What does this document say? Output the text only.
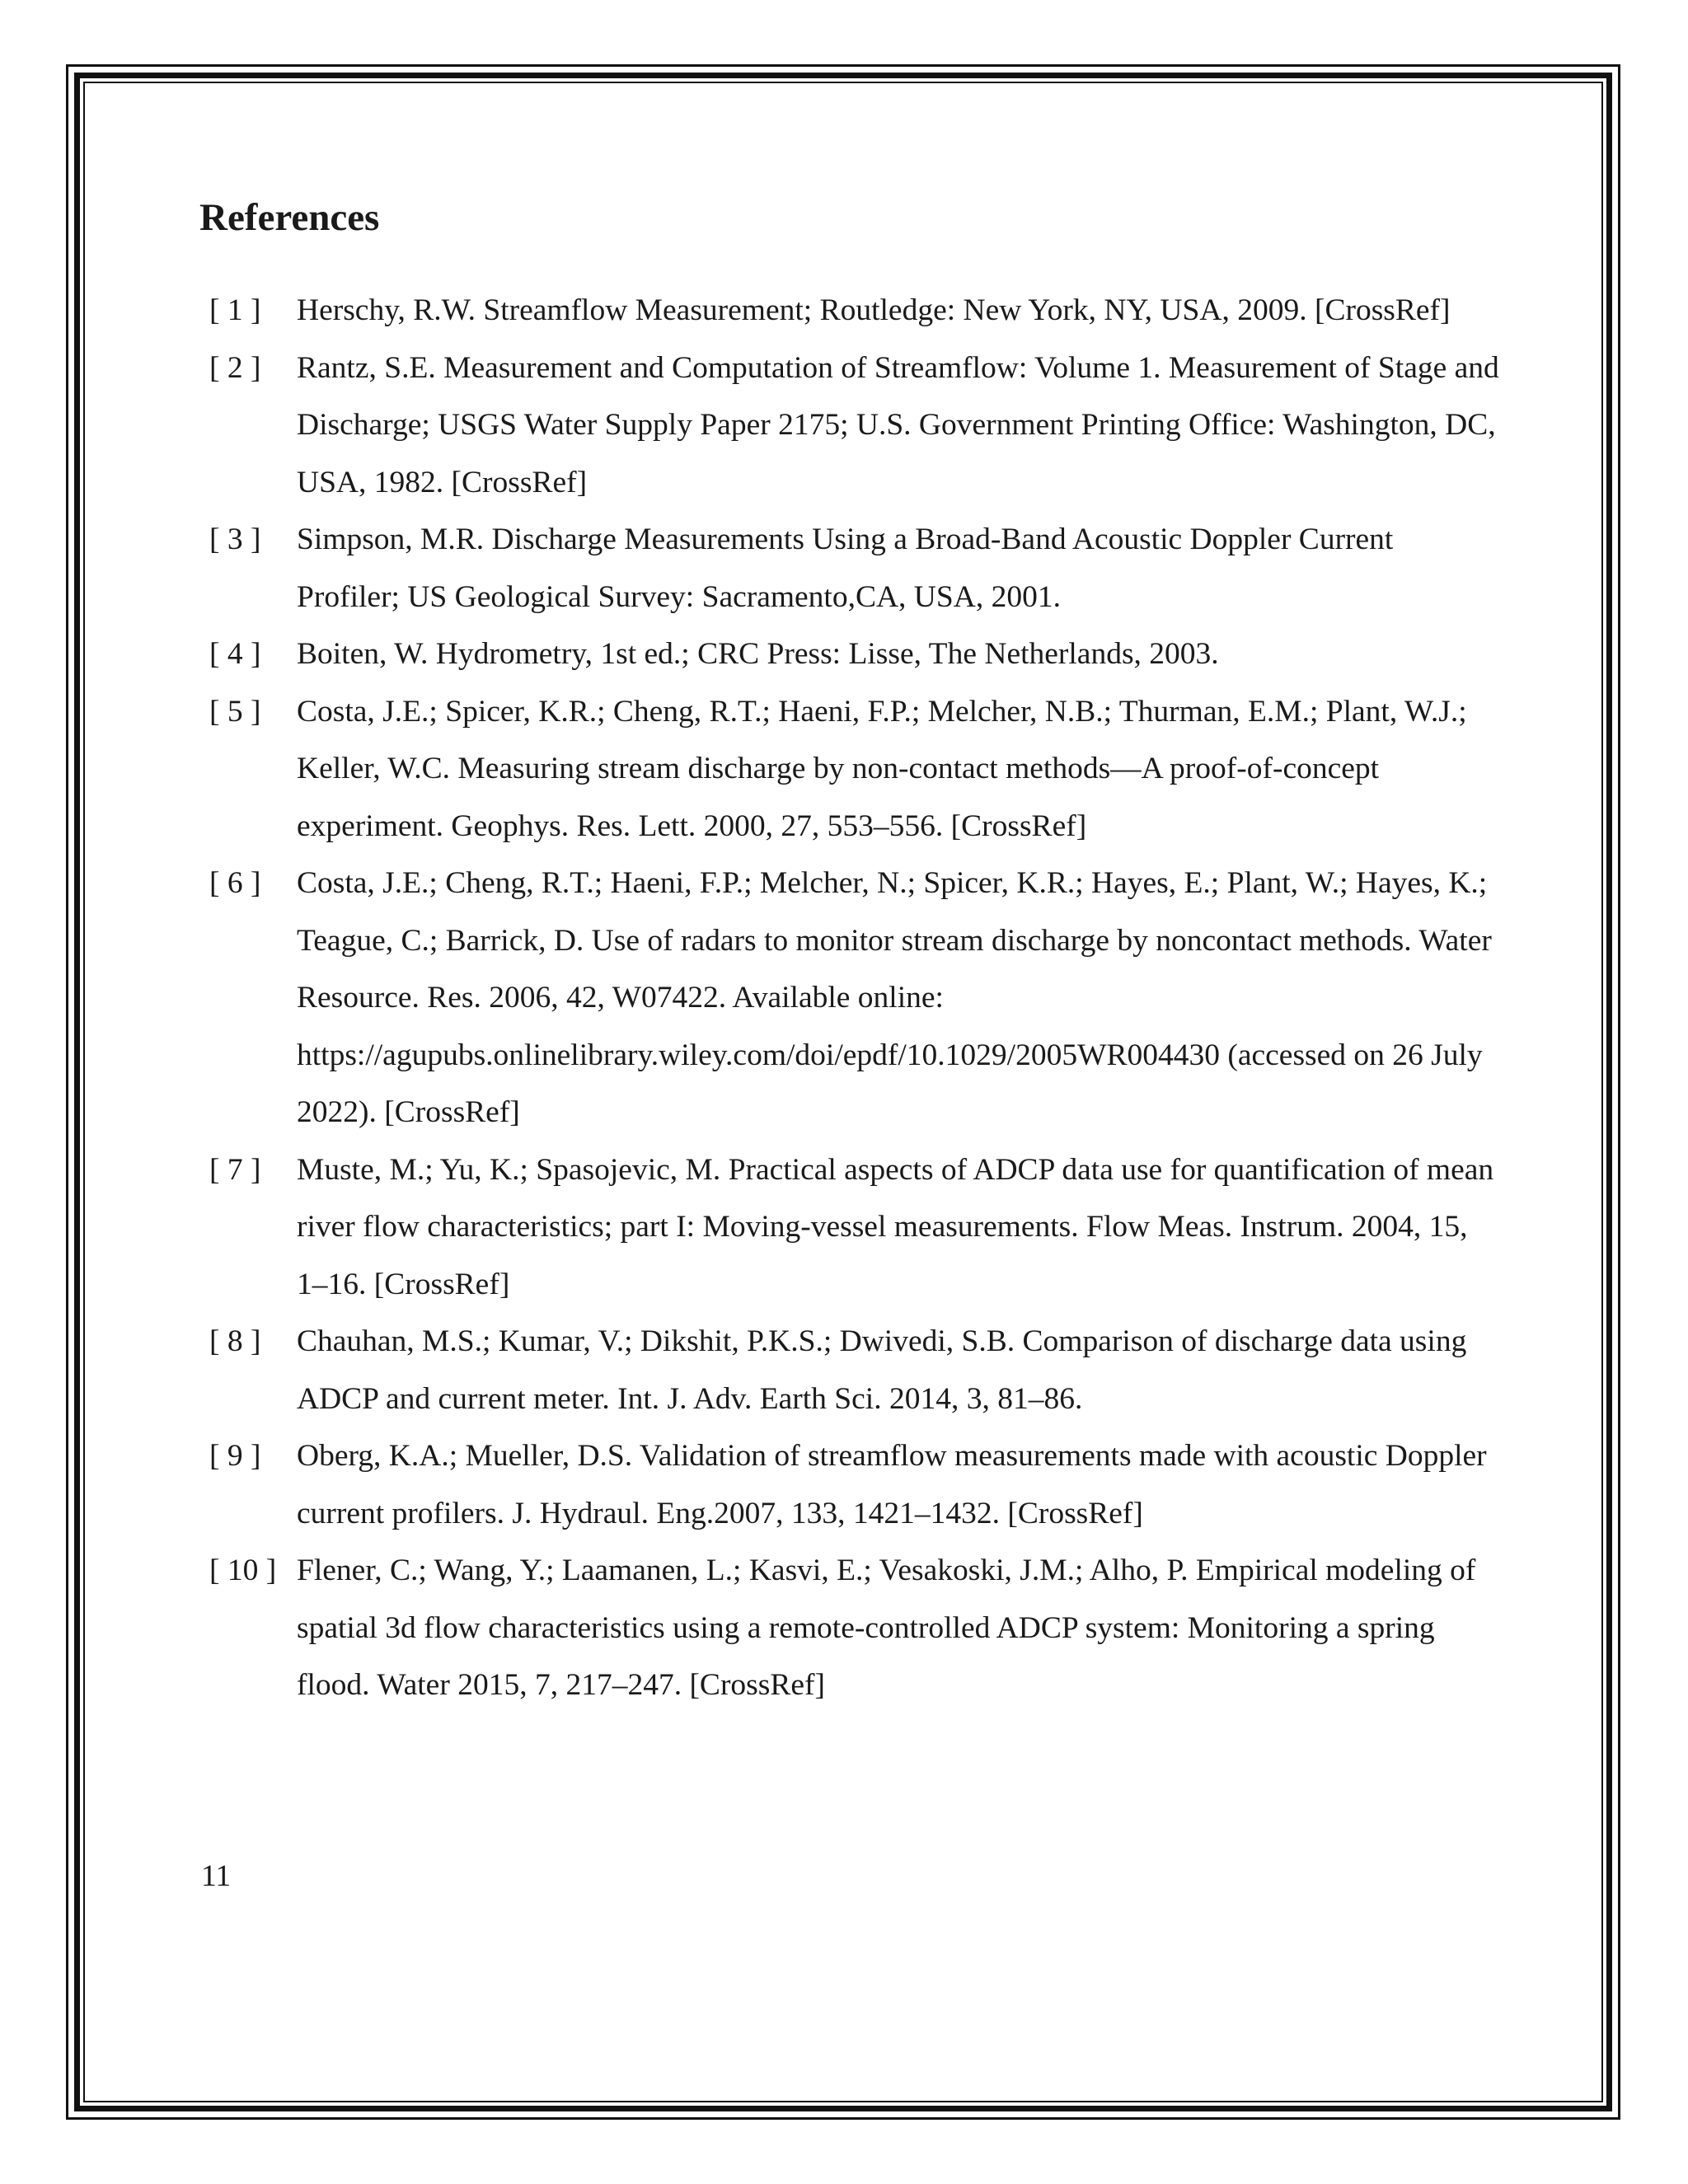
References
[ 1 ] Herschy, R.W. Streamflow Measurement; Routledge: New York, NY, USA, 2009. [CrossRef]
[ 2 ] Rantz, S.E. Measurement and Computation of Streamflow: Volume 1. Measurement of Stage and Discharge; USGS Water Supply Paper 2175; U.S. Government Printing Office: Washington, DC, USA, 1982. [CrossRef]
[ 3 ] Simpson, M.R. Discharge Measurements Using a Broad-Band Acoustic Doppler Current Profiler; US Geological Survey: Sacramento,CA, USA, 2001.
[ 4 ] Boiten, W. Hydrometry, 1st ed.; CRC Press: Lisse, The Netherlands, 2003.
[ 5 ] Costa, J.E.; Spicer, K.R.; Cheng, R.T.; Haeni, F.P.; Melcher, N.B.; Thurman, E.M.; Plant, W.J.; Keller, W.C. Measuring stream discharge by non-contact methods—A proof-of-concept experiment. Geophys. Res. Lett. 2000, 27, 553–556. [CrossRef]
[ 6 ] Costa, J.E.; Cheng, R.T.; Haeni, F.P.; Melcher, N.; Spicer, K.R.; Hayes, E.; Plant, W.; Hayes, K.; Teague, C.; Barrick, D. Use of radars to monitor stream discharge by noncontact methods. Water Resource. Res. 2006, 42, W07422. Available online: https://agupubs.onlinelibrary.wiley.com/doi/epdf/10.1029/2005WR004430 (accessed on 26 July 2022). [CrossRef]
[ 7 ] Muste, M.; Yu, K.; Spasojevic, M. Practical aspects of ADCP data use for quantification of mean river flow characteristics; part I: Moving-vessel measurements. Flow Meas. Instrum. 2004, 15, 1–16. [CrossRef]
[ 8 ] Chauhan, M.S.; Kumar, V.; Dikshit, P.K.S.; Dwivedi, S.B. Comparison of discharge data using ADCP and current meter. Int. J. Adv. Earth Sci. 2014, 3, 81–86.
[ 9 ] Oberg, K.A.; Mueller, D.S. Validation of streamflow measurements made with acoustic Doppler current profilers. J. Hydraul. Eng.2007, 133, 1421–1432. [CrossRef]
[ 10 ] Flener, C.; Wang, Y.; Laamanen, L.; Kasvi, E.; Vesakoski, J.M.; Alho, P. Empirical modeling of spatial 3d flow characteristics using a remote-controlled ADCP system: Monitoring a spring flood. Water 2015, 7, 217–247. [CrossRef]
11
